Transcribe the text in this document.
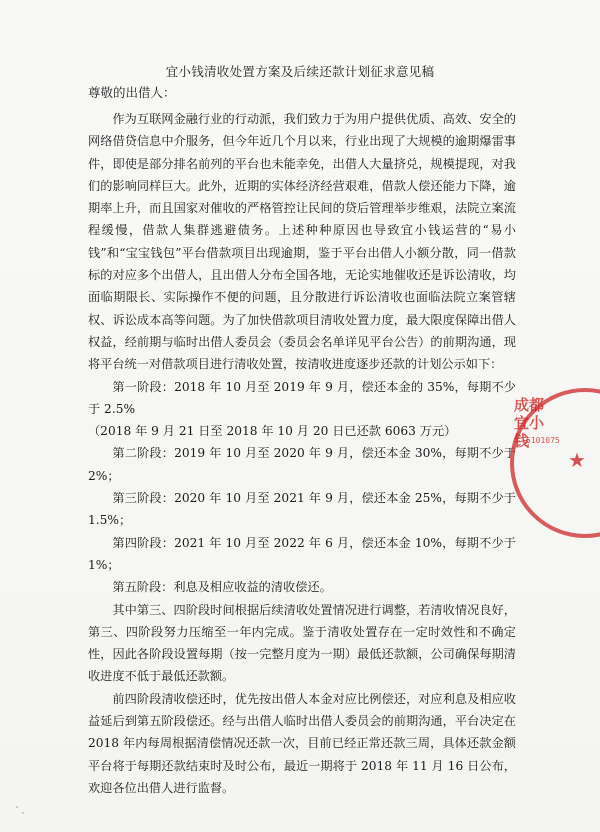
宜小钱清收处置方案及后续还款计划征求意见稿
尊敬的出借人：

作为互联网金融行业的行动派，我们致力于为用户提供优质、高效、安全的网络借贷信息中介服务，但今年近几个月以来，行业出现了大规模的逾期爆雷事件，即使是部分排名前列的平台也未能幸免，出借人大量挤兑，规模提现，对我们的影响同样巨大。此外，近期的实体经济经营艰难，借款人偿还能力下降，逾期率上升，而且国家对催收的严格管控让民间的贷后管理举步维艰，法院立案流程缓慢，借款人集群逃避债务。上述种种原因也导致宜小钱运营的“易小钱”和“宝宝钱包”平台借款项目出现逾期，鉴于平台出借人小额分散，同一借款标的对应多个出借人，且出借人分布全国各地，无论实地催收还是诉讼清收，均面临期限长、实际操作不便的问题，且分散进行诉讼清收也面临法院立案管辖权、诉讼成本高等问题。为了加快借款项目清收处置力度，最大限度保障出借人权益，经前期与临时出借人委员会（委员会名单详见平台公告）的前期沟通，现将平台统一对借款项目进行清收处置，按清收进度逐步还款的计划公示如下：

第一阶段：2018 年 10 月至 2019 年 9 月，偿还本金的 35%，每期不少于 2.5%
（2018 年 9 月 21 日至 2018 年 10 月 20 日已还款 6063 万元）
第二阶段：2019 年 10 月至 2020 年 9 月，偿还本金 30%，每期不少于 2%；
第三阶段：2020 年 10 月至 2021 年 9 月，偿还本金 25%，每期不少于 1.5%；
第四阶段：2021 年 10 月至 2022 年 6 月，偿还本金 10%，每期不少于 1%；
第五阶段：利息及相应收益的清收偿还。

其中第三、四阶段时间根据后续清收处置情况进行调整，若清收情况良好，第三、四阶段努力压缩至一年内完成。鉴于清收处置存在一定时效性和不确定性，因此各阶段设置每期（按一完整月度为一期）最低还款额，公司确保每期清收进度不低于最低还款额。

前四阶段清收偿还时，优先按出借人本金对应比例偿还，对应利息及相应收益延后到第五阶段偿还。经与出借人临时出借人委员会的前期沟通，平台决定在 2018 年内每周根据清偿情况还款一次，目前已经正常还款三周，具体还款金额平台将于每期还款结束时及时公布，最近一期将于 2018 年 11 月 16 日公布，欢迎各位出借人进行监督。

成都宜小钱
5101075
★
